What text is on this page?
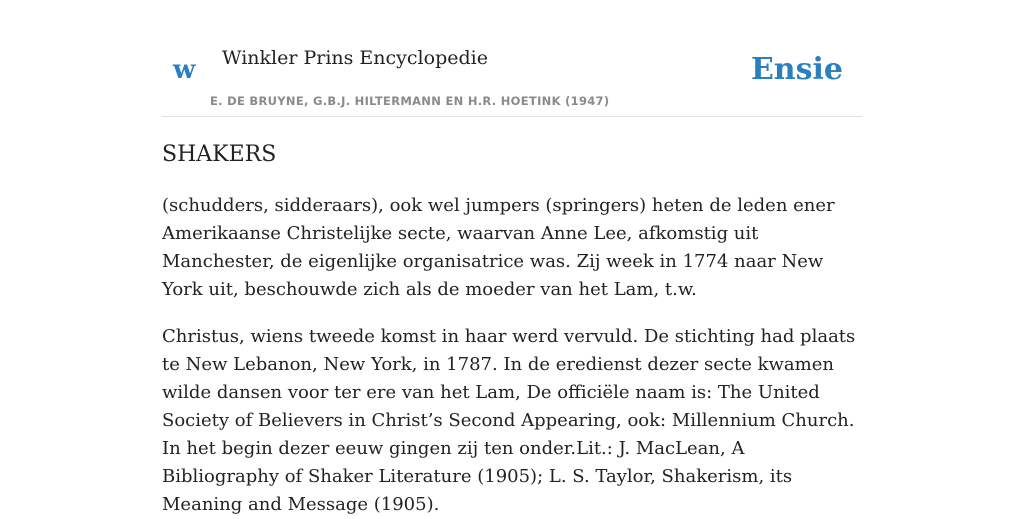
w Winkler Prins Encyclopedie
E. DE BRUYNE, G.B.J. HILTERMANN EN H.R. HOETINK (1947)
Ensie
SHAKERS

(schudders, sidderaars), ook wel jumpers (springers) heten de leden ener Amerikaanse Christelijke secte, waarvan Anne Lee, afkomstig uit Manchester, de eigenlijke organisatrice was. Zij week in 1774 naar New York uit, beschouwde zich als de moeder van het Lam, t.w.

Christus, wiens tweede komst in haar werd vervuld. De stichting had plaats te New Lebanon, New York, in 1787. In de eredienst dezer secte kwamen wilde dansen voor ter ere van het Lam, De officiële naam is: The United Society of Believers in Christ’s Second Appearing, ook: Millennium Church. In het begin dezer eeuw gingen zij ten onder.Lit.: J. MacLean, A Bibliography of Shaker Literature (1905); L. S. Taylor, Shakerism, its Meaning and Message (1905).
